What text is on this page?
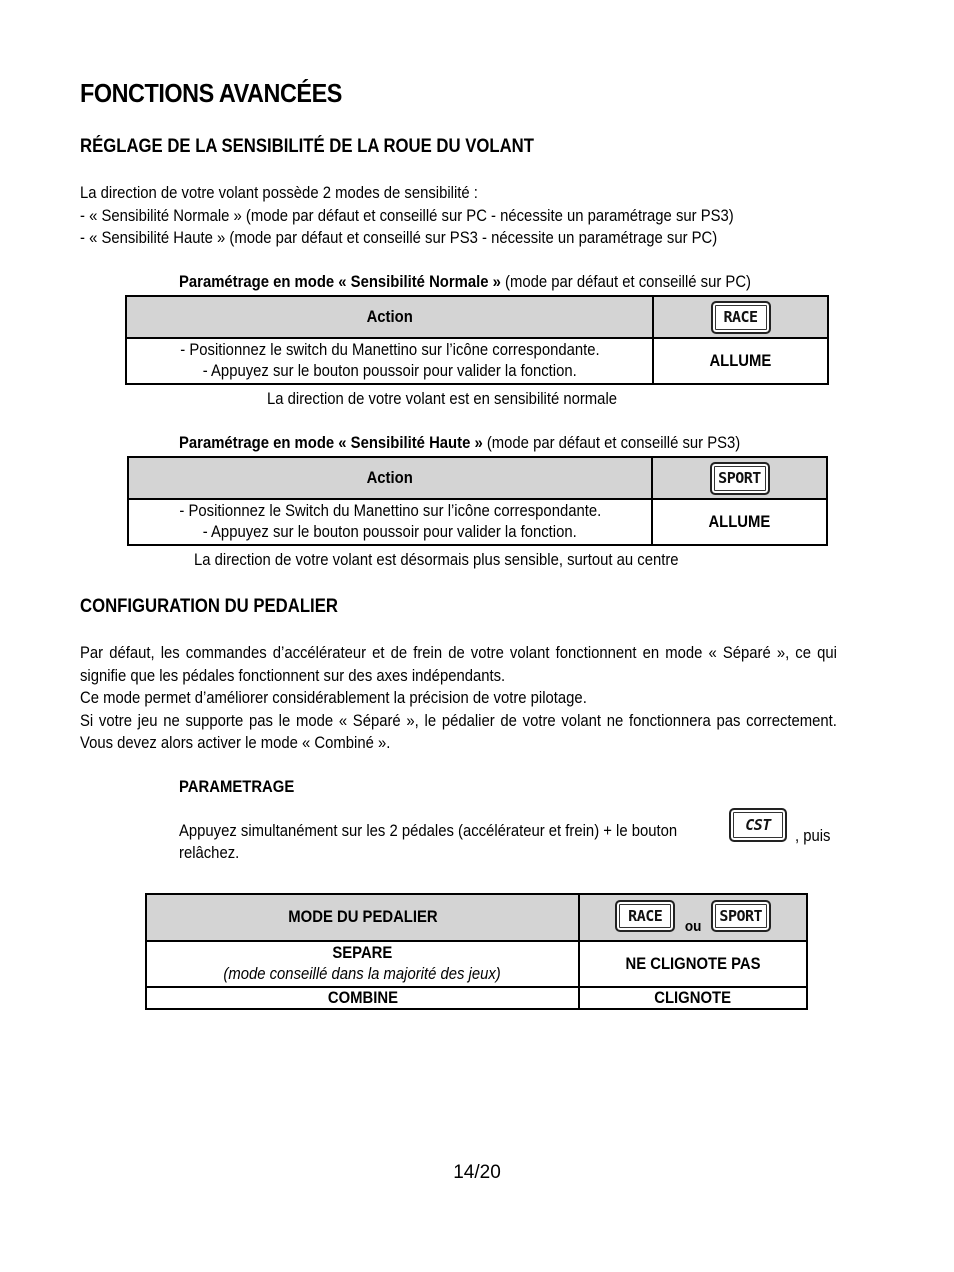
FONCTIONS AVANCÉES
RÉGLAGE DE LA SENSIBILITÉ DE LA ROUE DU VOLANT
La direction de votre volant possède 2 modes de sensibilité :
- « Sensibilité Normale » (mode par défaut et conseillé sur PC - nécessite un paramétrage sur PS3)
- « Sensibilité Haute » (mode par défaut et conseillé sur PS3 - nécessite un paramétrage sur PC)
Paramétrage en mode « Sensibilité Normale » (mode par défaut et conseillé sur PC)
Action	RACE

- Positionnez le switch du Manettino sur l’icône correspondante.
- Appuyez sur le bouton poussoir pour valider la fonction.	ALLUME
La direction de votre volant est en sensibilité normale
Paramétrage en mode « Sensibilité Haute » (mode par défaut et conseillé sur PS3)
Action	SPORT

- Positionnez le Switch du Manettino sur l’icône correspondante.
- Appuyez sur le bouton poussoir pour valider la fonction.	ALLUME
La direction de votre volant est désormais plus sensible, surtout au centre
CONFIGURATION DU PEDALIER
Par défaut, les commandes d’accélérateur et de frein de votre volant fonctionnent en mode « Séparé », ce qui signifie que les pédales fonctionnent sur des axes indépendants.
Ce mode permet d’améliorer considérablement la précision de votre pilotage.
Si votre jeu ne supporte pas le mode « Séparé », le pédalier de votre volant ne fonctionnera pas correctement. Vous devez alors activer le mode « Combiné ».
PARAMETRAGE
Appuyez simultanément sur les 2 pédales (accélérateur et frein) + le bouton	CST
, puis
relâchez.
MODE DU PEDALIER	RACE ou SPORT

SEPARE
(mode conseillé dans la majorité des jeux)	NE CLIGNOTE PAS
COMBINE	CLIGNOTE
14/20
